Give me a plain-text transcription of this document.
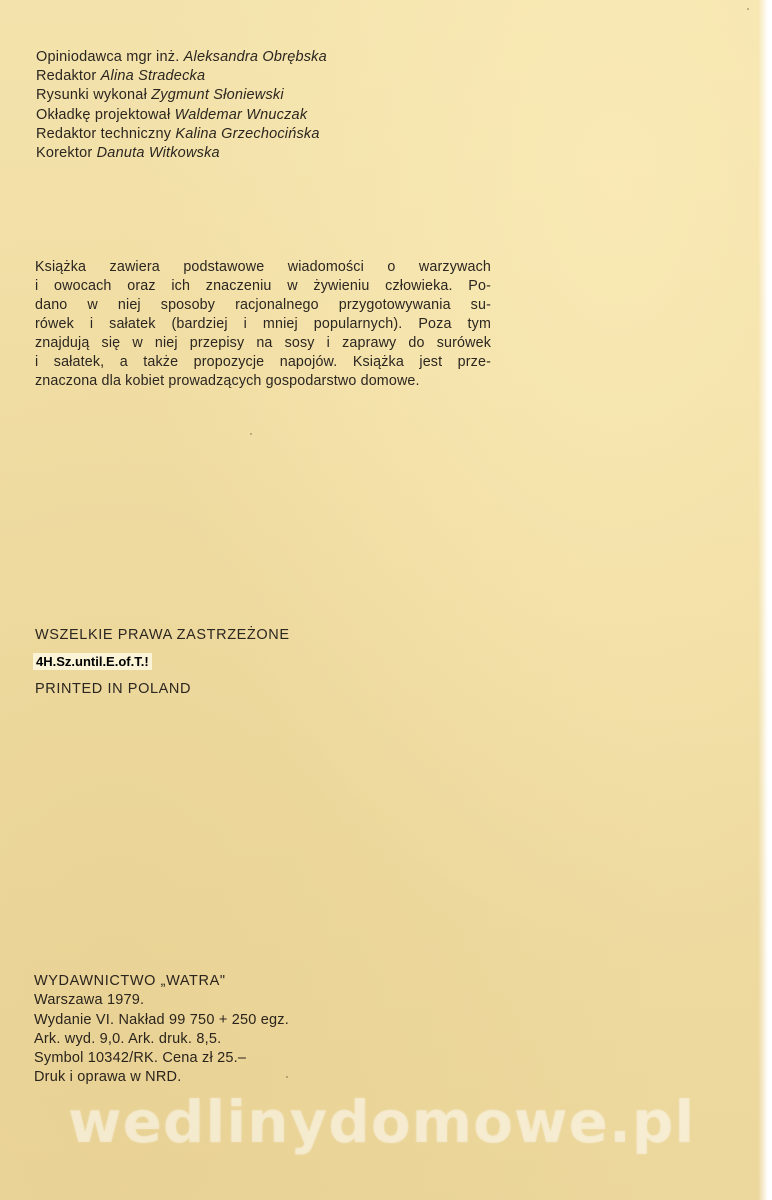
Opiniodawca mgr inż. Aleksandra Obrębska
Redaktor Alina Stradecka
Rysunki wykonał Zygmunt Słoniewski
Okładkę projektował Waldemar Wnuczak
Redaktor techniczny Kalina Grzechocińska
Korektor Danuta Witkowska
Książka zawiera podstawowe wiadomości o warzywach
i owocach oraz ich znaczeniu w żywieniu człowieka. Po-
dano w niej sposoby racjonalnego przygotowywania su-
rówek i sałatek (bardziej i mniej popularnych). Poza tym
znajdują się w niej przepisy na sosy i zaprawy do surówek
i sałatek, a także propozycje napojów. Książka jest prze-
znaczona dla kobiet prowadzących gospodarstwo domowe.
WSZELKIE PRAWA ZASTRZEŻONE
4H.Sz.until.E.of.T.!
PRINTED IN POLAND
WYDAWNICTWO „WATRA"
Warszawa 1979.
Wydanie VI. Nakład 99 750 + 250 egz.
Ark. wyd. 9,0. Ark. druk. 8,5.
Symbol 10342/RK. Cena zł 25.–
Druk i oprawa w NRD.
wedlinydomowe.pl
